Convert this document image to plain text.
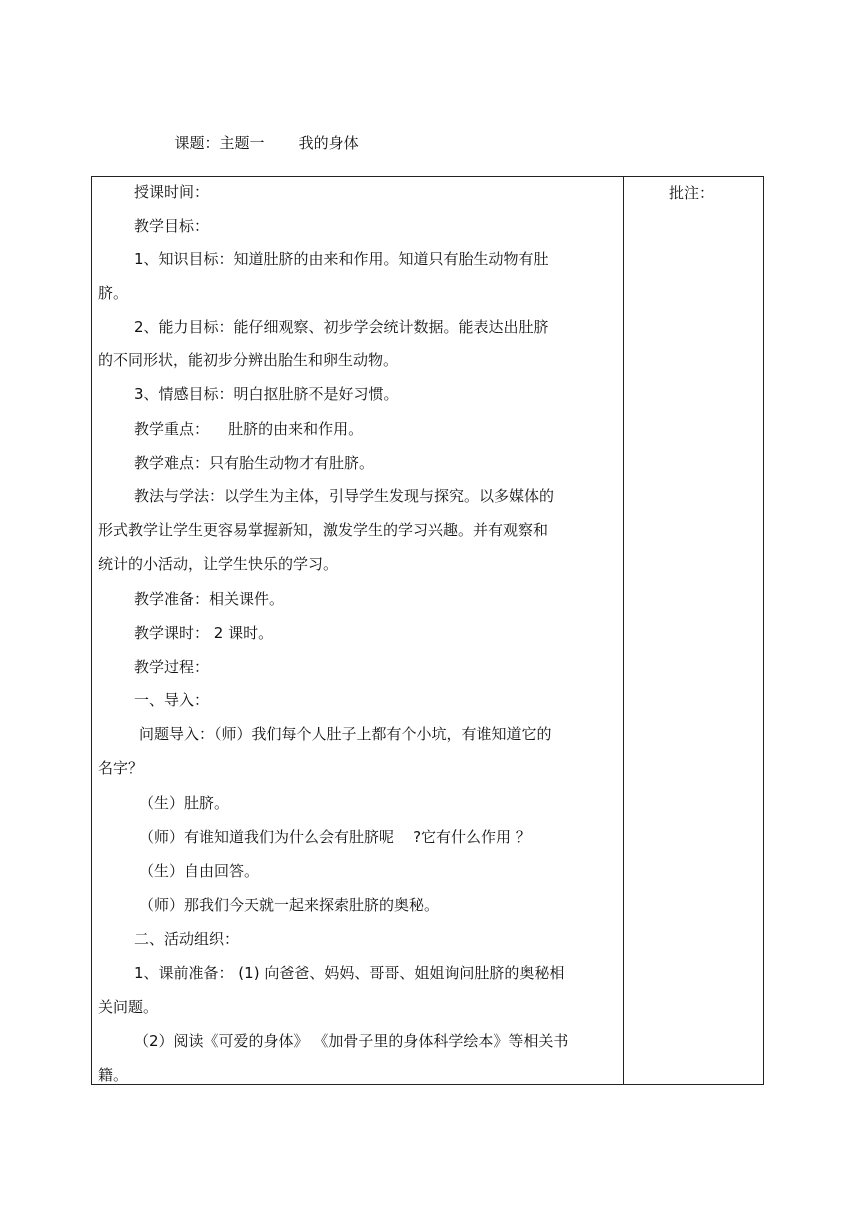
课题：主题一 我的身体

批注：
授课时间：
教学目标：
1、知识目标：知道肚脐的由来和作用。知道只有胎生动物有肚
脐。
2、能力目标：能仔细观察、初步学会统计数据。能表达出肚脐
的不同形状，能初步分辨出胎生和卵生动物。
3、情感目标：明白抠肚脐不是好习惯。
教学重点：    肚脐的由来和作用。
教学难点：只有胎生动物才有肚脐。
教法与学法：以学生为主体，引导学生发现与探究。以多媒体的
形式教学让学生更容易掌握新知，激发学生的学习兴趣。并有观察和
统计的小活动，让学生快乐的学习。
教学准备：相关课件。
教学课时： 2 课时。
教学过程：
一、导入：
问题导入：（师）我们每个人肚子上都有个小坑，有谁知道它的
名字？
（生）肚脐。
（师）有谁知道我们为什么会有肚脐呢    ?它有什么作用 ？
（生）自由回答。
（师）那我们今天就一起来探索肚脐的奥秘。
二、活动组织：
1、课前准备： (1) 向爸爸、妈妈、哥哥、姐姐询问肚脐的奥秘相
关问题。
（2）阅读《可爱的身体》 《加骨子里的身体科学绘本》等相关书
籍。
